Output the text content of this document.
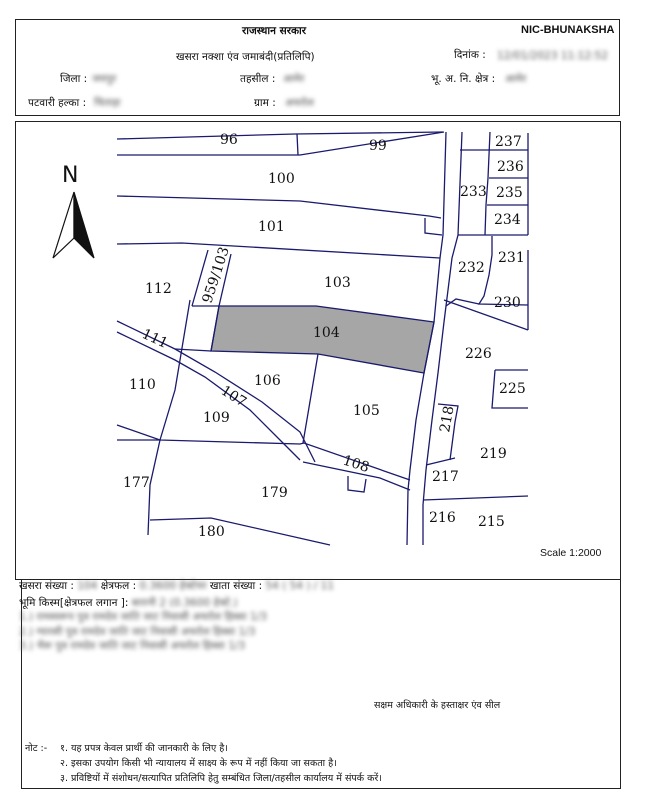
राजस्थान सरकार	NIC-BHUNAKSHA
खसरा नक्शा एंव जमाबंदी(प्रतिलिपि)	दिनांक : 12/01/2023 11:12:52
जिला : जयपुर	तहसील : आमेर	भू. अ. नि. क्षेत्र : आमेर
पटवारी हल्का : चिताड़ा	ग्राम : अचरोल
96	99	237
236
235
234
233
100
101
232
231
230
112 959/103	103
104
111
226
225
110	106
107
105
109	218
219
108
217
177
179
216 215
180
N
Scale 1:2000
खसरा संख्या : 104 क्षेत्रफल : 0.3600 हेक्टेयर खाता संख्या : 54 ( 54 ) / 11
भूमि किस्म[क्षेत्रफल लगान ]: बारानी 2 (0.3600 हेक्टे.)
1.) रामस्वरूप पुत्र रामदेव जाति जाट निवासी अचरोल हिस्सा 1/3
2.) ग्यारसी पुत्र रामदेव जाति जाट निवासी अचरोल हिस्सा 1/3
3.) भैरू पुत्र रामदेव जाति जाट निवासी अचरोल हिस्सा 1/3
सक्षम अधिकारी के हस्ताक्षर एंव सील
नोट :- १. यह प्रपत्र केवल प्रार्थी की जानकारी के लिए है।
२. इसका उपयोग किसी भी न्यायालय में साक्ष्य के रूप में नहीं किया जा सकता है।
३. प्रविष्टियों में संशोधन/सत्यापित प्रतिलिपि हेतु सम्बंधित जिला/तहसील कार्यालय में संपर्क करें।
